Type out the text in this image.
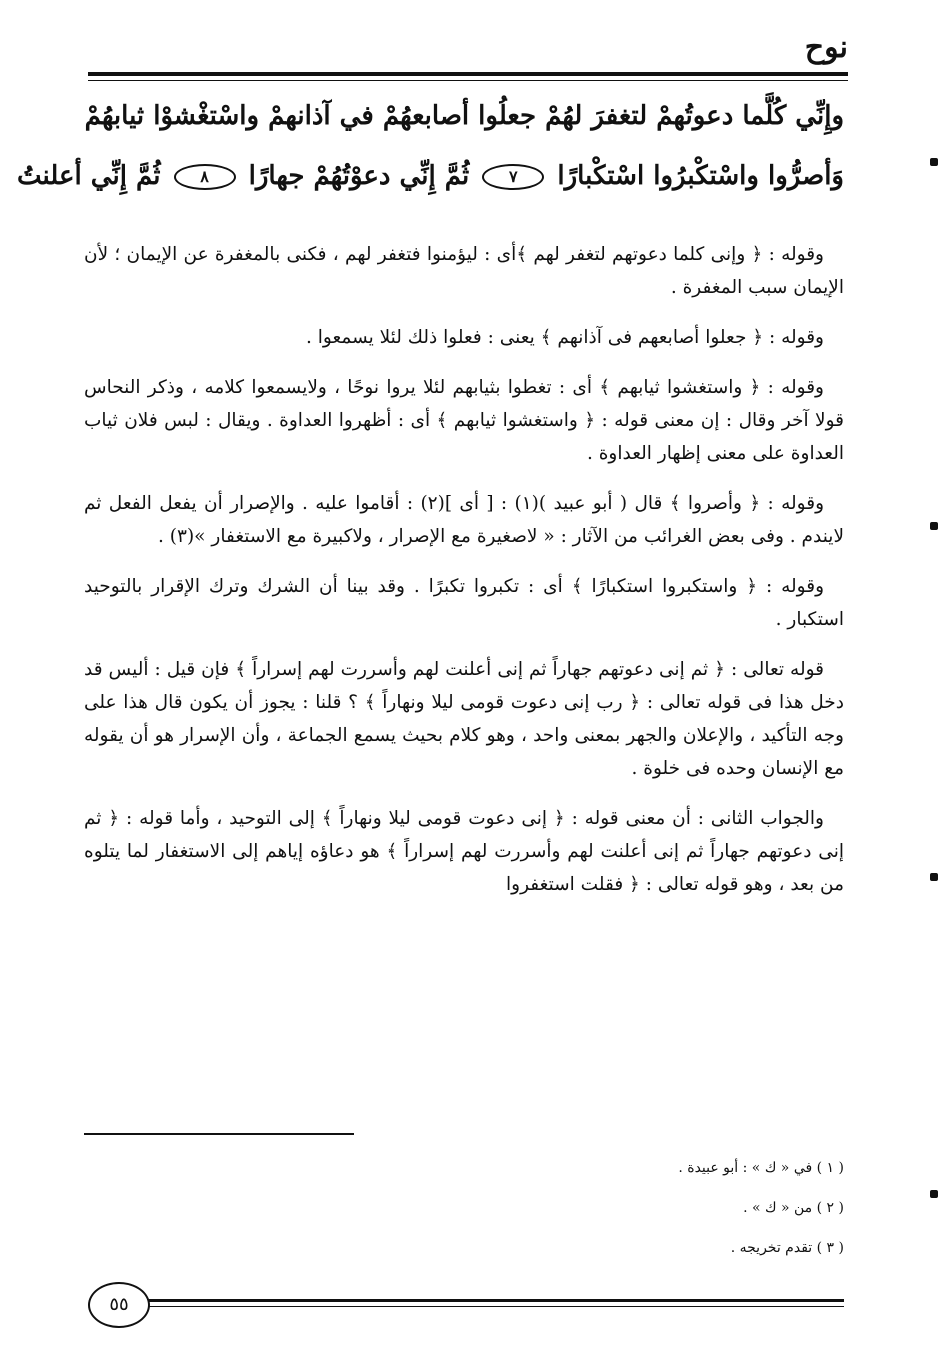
نوح
وإِنِّي كُلَّما دعوتُهمْ لتغفرَ لهُمْ جعلُوا أصابعهُمْ في آذانهمْ واسْتغْشوْا ثيابهُمْ
وَأصرُّوا واسْتكْبرُوا اسْتكْبارًا ٧ ثُمَّ إِنِّي دعوْتُهُمْ جهارًا ٨ ثُمَّ إِنِّي أعلنتُ

وقوله : ﴿ وإنى كلما دعوتهم لتغفر لهم ﴾أى : ليؤمنوا فتغفر لهم ، فكنى بالمغفرة عن الإيمان ؛ لأن الإيمان سبب المغفرة .

وقوله : ﴿ جعلوا أصابعهم فى آذانهم ﴾ يعنى : فعلوا ذلك لئلا يسمعوا .

وقوله : ﴿ واستغشوا ثيابهم ﴾ أى : تغطوا بثيابهم لئلا يروا نوحًا ، ولايسمعوا كلامه ، وذكر النحاس قولا آخر وقال : إن معنى قوله : ﴿ واستغشوا ثيابهم ﴾ أى : أظهروا العداوة . ويقال : لبس فلان ثياب العداوة على معنى إظهار العداوة .

وقوله : ﴿ وأصروا ﴾ قال ( أبو عبيد )(١) : [ أى ](٢) : أقاموا عليه . والإصرار أن يفعل الفعل ثم لايندم . وفى بعض الغرائب من الآثار : « لاصغيرة مع الإصرار ، ولاكبيرة مع الاستغفار »(٣) .

وقوله : ﴿ واستكبروا استكبارًا ﴾ أى : تكبروا تكبرًا . وقد بينا أن الشرك وترك الإقرار بالتوحيد استكبار .

قوله تعالى : ﴿ ثم إنى دعوتهم جهاراً ثم إنى أعلنت لهم وأسررت لهم إسراراً ﴾ فإن قيل : أليس قد دخل هذا فى قوله تعالى : ﴿ رب إنى دعوت قومى ليلا ونهاراً ﴾ ؟ قلنا : يجوز أن يكون قال هذا على وجه التأكيد ، والإعلان والجهر بمعنى واحد ، وهو كلام بحيث يسمع الجماعة ، وأن الإسرار هو أن يقوله مع الإنسان وحده فى خلوة .

والجواب الثانى : أن معنى قوله : ﴿ إنى دعوت قومى ليلا ونهاراً ﴾ إلى التوحيد ، وأما قوله : ﴿ ثم إنى دعوتهم جهاراً ثم إنى أعلنت لهم وأسررت لهم إسراراً ﴾ هو دعاؤه إياهم إلى الاستغفار لما يتلوه من بعد ، وهو قوله تعالى : ﴿ فقلت استغفروا

( ١ ) في « ك » : أبو عبيدة .
( ٢ ) من « ك » .
( ٣ ) تقدم تخريجه .
٥٥
